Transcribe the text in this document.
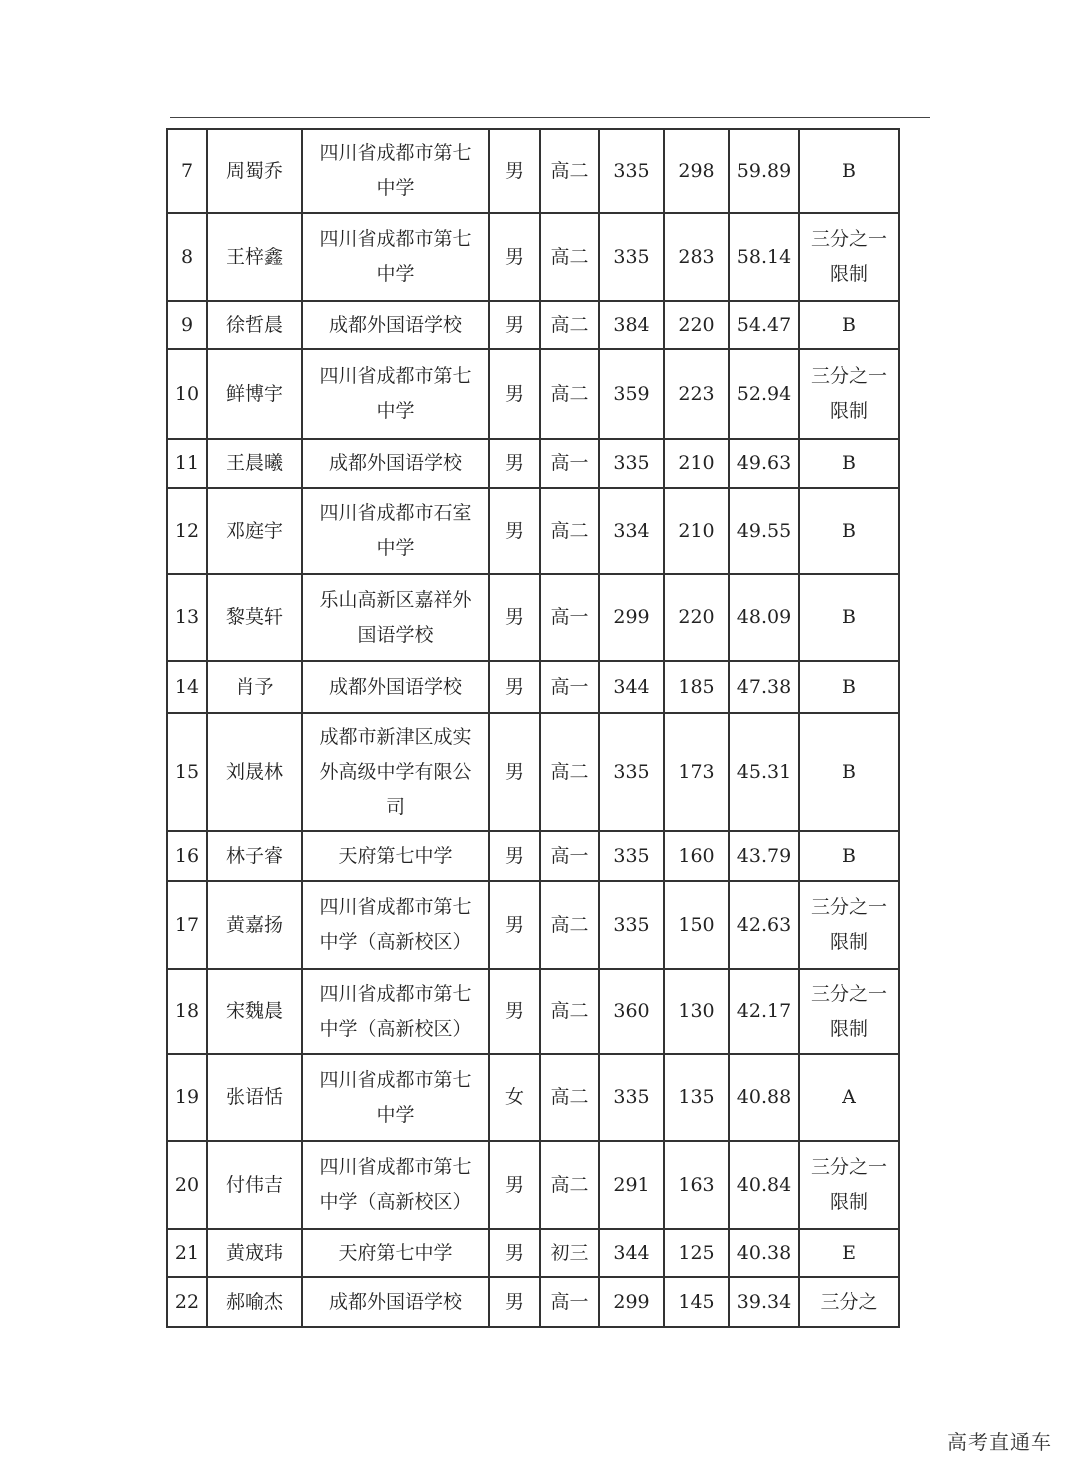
7	周蜀乔	四川省成都市第七中学	男	高二	335	298	59.89	B
8	王梓鑫	四川省成都市第七中学	男	高二	335	283	58.14	三分之一限制
9	徐哲晨	成都外国语学校	男	高二	384	220	54.47	B
10	鲜博宇	四川省成都市第七中学	男	高二	359	223	52.94	三分之一限制
11	王晨曦	成都外国语学校	男	高一	335	210	49.63	B
12	邓庭宇	四川省成都市石室中学	男	高二	334	210	49.55	B
13	黎莫轩	乐山高新区嘉祥外国语学校	男	高一	299	220	48.09	B
14	肖予	成都外国语学校	男	高一	344	185	47.38	B
15	刘晟林	成都市新津区成实外高级中学有限公司	男	高二	335	173	45.31	B
16	林子睿	天府第七中学	男	高一	335	160	43.79	B
17	黄嘉扬	四川省成都市第七中学（高新校区）	男	高二	335	150	42.63	三分之一限制
18	宋魏晨	四川省成都市第七中学（高新校区）	男	高二	360	130	42.17	三分之一限制
19	张语恬	四川省成都市第七中学	女	高二	335	135	40.88	A
20	付伟吉	四川省成都市第七中学（高新校区）	男	高二	291	163	40.84	三分之一限制
21	黄宬玮	天府第七中学	男	初三	344	125	40.38	E
22	郝喻杰	成都外国语学校	男	高一	299	145	39.34	三分之
高考直通车
